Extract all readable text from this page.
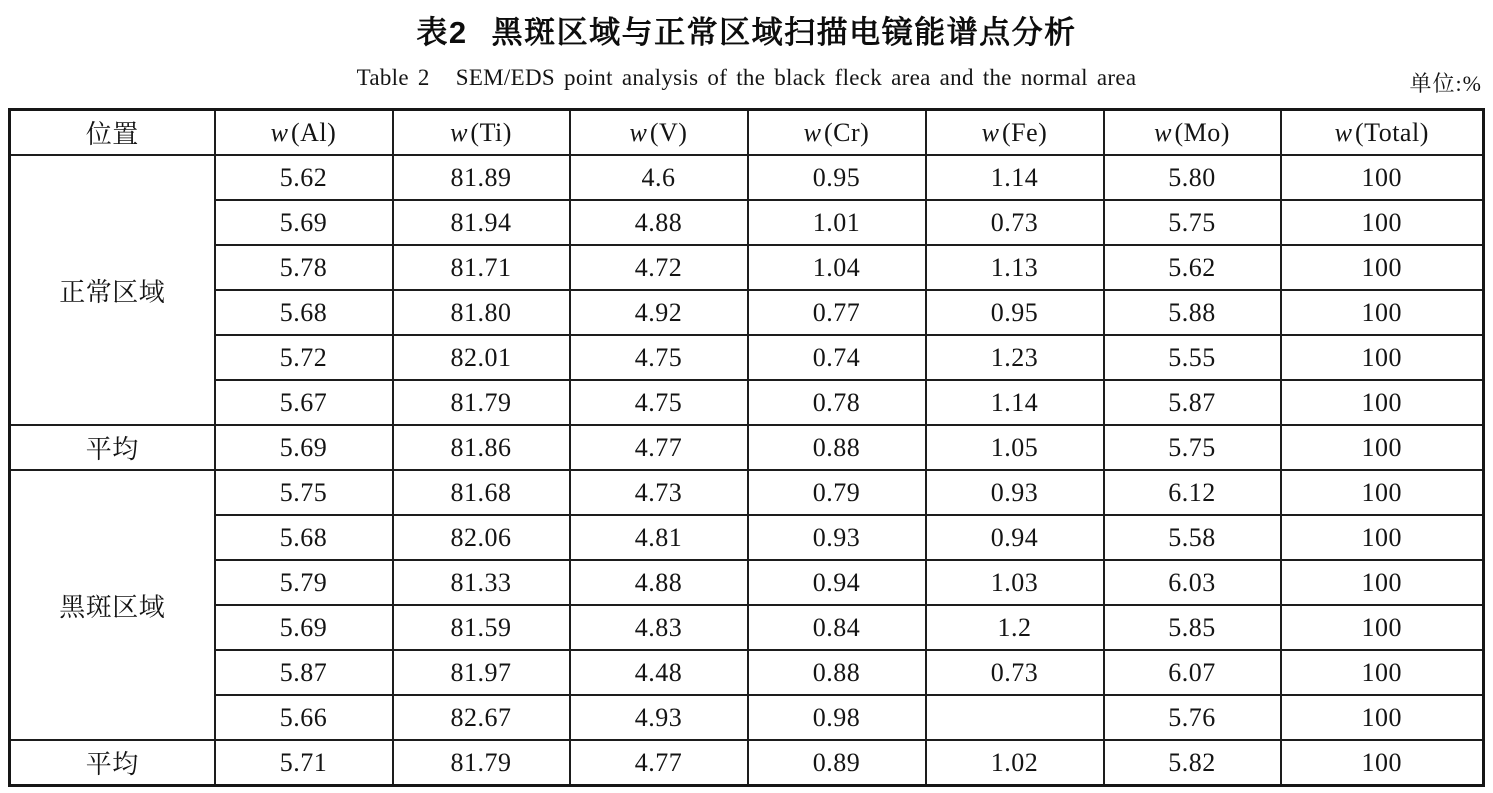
表2 黑斑区域与正常区域扫描电镜能谱点分析
Table 2 SEM/EDS point analysis of the black fleck area and the normal area	单位:%
位置	w (Al)	w (Ti)	w (V)	w (Cr)	w (Fe)	w (Mo)	w (Total)
正常区域	5.62	81.89	4.6	0.95	1.14	5.80	100
	5.69	81.94	4.88	1.01	0.73	5.75	100
	5.78	81.71	4.72	1.04	1.13	5.62	100
	5.68	81.80	4.92	0.77	0.95	5.88	100
	5.72	82.01	4.75	0.74	1.23	5.55	100
	5.67	81.79	4.75	0.78	1.14	5.87	100
平均	5.69	81.86	4.77	0.88	1.05	5.75	100
黑斑区域	5.75	81.68	4.73	0.79	0.93	6.12	100
	5.68	82.06	4.81	0.93	0.94	5.58	100
	5.79	81.33	4.88	0.94	1.03	6.03	100
	5.69	81.59	4.83	0.84	1.2	5.85	100
	5.87	81.97	4.48	0.88	0.73	6.07	100
	5.66	82.67	4.93	0.98		5.76	100
平均	5.71	81.79	4.77	0.89	1.02	5.82	100
